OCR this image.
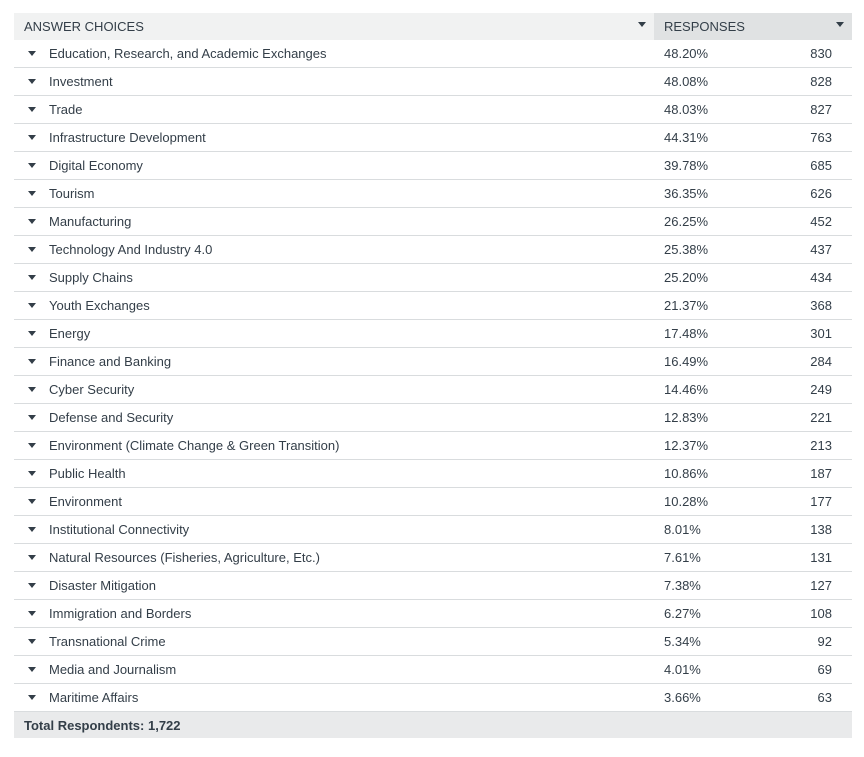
ANSWER CHOICES	RESPONSES
Education, Research, and Academic Exchanges	48.20%	830
Investment	48.08%	828
Trade	48.03%	827
Infrastructure Development	44.31%	763
Digital Economy	39.78%	685
Tourism	36.35%	626
Manufacturing	26.25%	452
Technology And Industry 4.0	25.38%	437
Supply Chains	25.20%	434
Youth Exchanges	21.37%	368
Energy	17.48%	301
Finance and Banking	16.49%	284
Cyber Security	14.46%	249
Defense and Security	12.83%	221
Environment (Climate Change & Green Transition)	12.37%	213
Public Health	10.86%	187
Environment	10.28%	177
Institutional Connectivity	8.01%	138
Natural Resources (Fisheries, Agriculture, Etc.)	7.61%	131
Disaster Mitigation	7.38%	127
Immigration and Borders	6.27%	108
Transnational Crime	5.34%	92
Media and Journalism	4.01%	69
Maritime Affairs	3.66%	63
Total Respondents: 1,722
